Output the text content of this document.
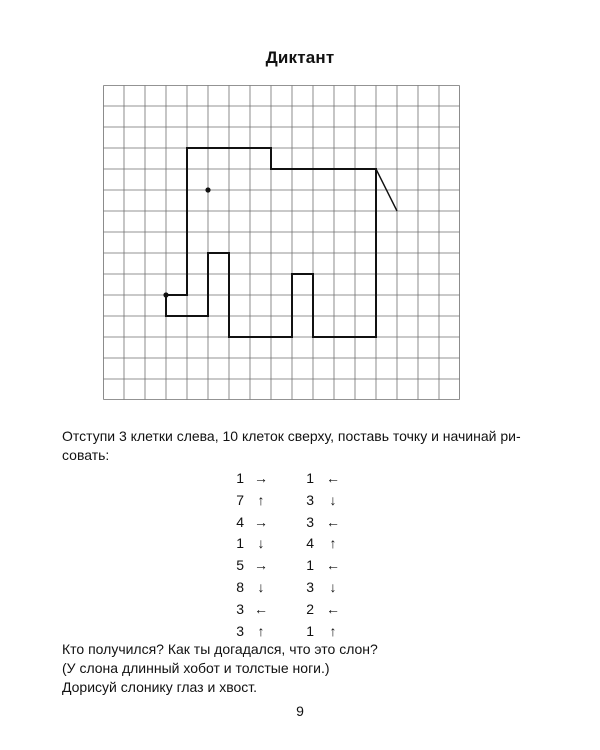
Диктант
Отступи 3 клетки слева, 10 клеток сверху, поставь точку и начинай ри-
совать:
1 →	1 ←
7 ↑	3	↓
4 →	3 ←
1 ↓	4	↑
5 →	1 ←
8 ↓	3	↓
3 ←	2 ←
3 ↑	1	↑
Кто получился? Как ты догадался, что это слон?
(У слона длинный хобот и толстые ноги.)
Дорисуй слонику глаз и хвост.
9
